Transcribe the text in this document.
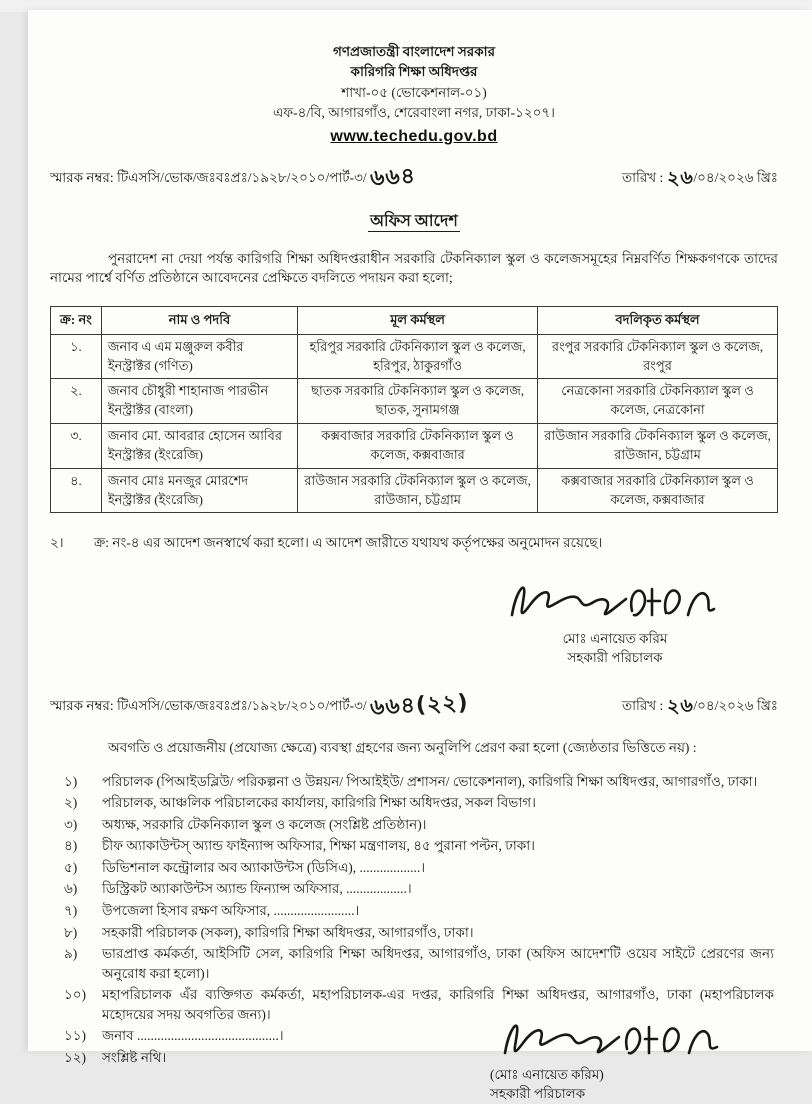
গণপ্রজাতন্ত্রী বাংলাদেশ সরকার
কারিগরি শিক্ষা অধিদপ্তর
শাখা-০৫ (ভোকেশনাল-০১)
এফ-৪/বি, আগারগাঁও, শেরেবাংলা নগর, ঢাকা-১২০৭।
www.techedu.gov.bd
স্মারক নম্বর: টিএসসি/ভোক/জঃবঃপ্রঃ/১৯২৮/২০১০/পার্ট-৩/ ৬৬৪	তারিখ : ২৬/০৪/২০২৬ খ্রিঃ
অফিস আদেশ
পুনরাদেশ না দেয়া পর্যন্ত কারিগরি শিক্ষা অধিদপ্তরাধীন সরকারি টেকনিক্যাল স্কুল ও কলেজসমূহের নিম্নবর্ণিত শিক্ষকগণকে তাদের নামের পার্শ্বে বর্ণিত প্রতিষ্ঠানে আবেদনের প্রেক্ষিতে বদলিতে পদায়ন করা হলো;
ক্র: নং	নাম ও পদবি	মূল কর্মস্থল	বদলিকৃত কর্মস্থল
১.	জনাব এ এম মঞ্জুরুল কবীর
ইনস্ট্রাক্টর (গণিত)	হরিপুর সরকারি টেকনিক্যাল স্কুল ও কলেজ, হরিপুর, ঠাকুরগাঁও	রংপুর সরকারি টেকনিক্যাল স্কুল ও কলেজ, রংপুর
২.	জনাব চৌধুরী শাহানাজ পারভীন
ইনস্ট্রাক্টর (বাংলা)	ছাতক সরকারি টেকনিক্যাল স্কুল ও কলেজ, ছাতক, সুনামগঞ্জ	নেত্রকোনা সরকারি টেকনিক্যাল স্কুল ও কলেজ, নেত্রকোনা
৩.	জনাব মো. আবরার হোসেন আবির
ইনস্ট্রাক্টর (ইংরেজি)	কক্সবাজার সরকারি টেকনিক্যাল স্কুল ও কলেজ, কক্সবাজার	রাউজান সরকারি টেকনিক্যাল স্কুল ও কলেজ, রাউজান, চট্টগ্রাম
৪.	জনাব মোঃ মনজুর মোরশেদ
ইনস্ট্রাক্টর (ইংরেজি)	রাউজান সরকারি টেকনিক্যাল স্কুল ও কলেজ, রাউজান, চট্টগ্রাম	কক্সবাজার সরকারি টেকনিক্যাল স্কুল ও কলেজ, কক্সবাজার
২।	ক্র: নং-৪ এর আদেশ জনস্বার্থে করা হলো। এ আদেশ জারীতে যথাযথ কর্তৃপক্ষের অনুমোদন রয়েছে।
মোঃ এনায়েত করিম
সহকারী পরিচালক
স্মারক নম্বর: টিএসসি/ভোক/জঃবঃপ্রঃ/১৯২৮/২০১০/পার্ট-৩/ ৬৬৪(২২)	তারিখ : ২৬/০৪/২০২৬ খ্রিঃ
অবগতি ও প্রয়োজনীয় (প্রযোজ্য ক্ষেত্রে) ব্যবস্থা গ্রহণের জন্য অনুলিপি প্রেরণ করা হলো (জ্যেষ্ঠতার ভিত্তিতে নয়) :
১)	পরিচালক (পিআইডব্লিউ/ পরিকল্পনা ও উন্নয়ন/ পিআইইউ/ প্রশাসন/ ভোকেশনাল), কারিগরি শিক্ষা অধিদপ্তর, আগারগাঁও, ঢাকা।
২)	পরিচালক, আঞ্চলিক পরিচালকের কার্যালয়, কারিগরি শিক্ষা অধিদপ্তর, সকল বিভাগ।
৩)	অধ্যক্ষ, সরকারি টেকনিক্যাল স্কুল ও কলেজ (সংশ্লিষ্ট প্রতিষ্ঠান)।
৪)	চীফ অ্যাকাউন্টস্ অ্যান্ড ফাইন্যান্স অফিসার, শিক্ষা মন্ত্রণালয়, ৪৫ পুরানা পল্টন, ঢাকা।
৫)	ডিভিশনাল কন্ট্রোলার অব অ্যাকাউন্টস (ডিসিএ), ..................।
৬)	ডিস্ট্রিকট অ্যাকাউন্টস অ্যান্ড ফিন্যান্স অফিসার, ..................।
৭)	উপজেলা হিসাব রক্ষণ অফিসার, ........................।
৮)	সহকারী পরিচালক (সকল), কারিগরি শিক্ষা অধিদপ্তর, আগারগাঁও, ঢাকা।
৯)	ভারপ্রাপ্ত কর্মকর্তা, আইসিটি সেল, কারিগরি শিক্ষা অধিদপ্তর, আগারগাঁও, ঢাকা (অফিস আদেশ'টি ওয়েব সাইটে প্রেরণের জন্য অনুরোধ করা হলো)।
১০)	মহাপরিচালক এঁর ব্যক্তিগত কর্মকর্তা, মহাপরিচালক-এর দপ্তর, কারিগরি শিক্ষা অধিদপ্তর, আগারগাঁও, ঢাকা (মহাপরিচালক মহোদয়ের সদয় অবগতির জন্য)।
১১)	জনাব ..........................................।
১২)	সংশ্লিষ্ট নথি।
(মোঃ এনায়েত করিম)
সহকারী পরিচালক
